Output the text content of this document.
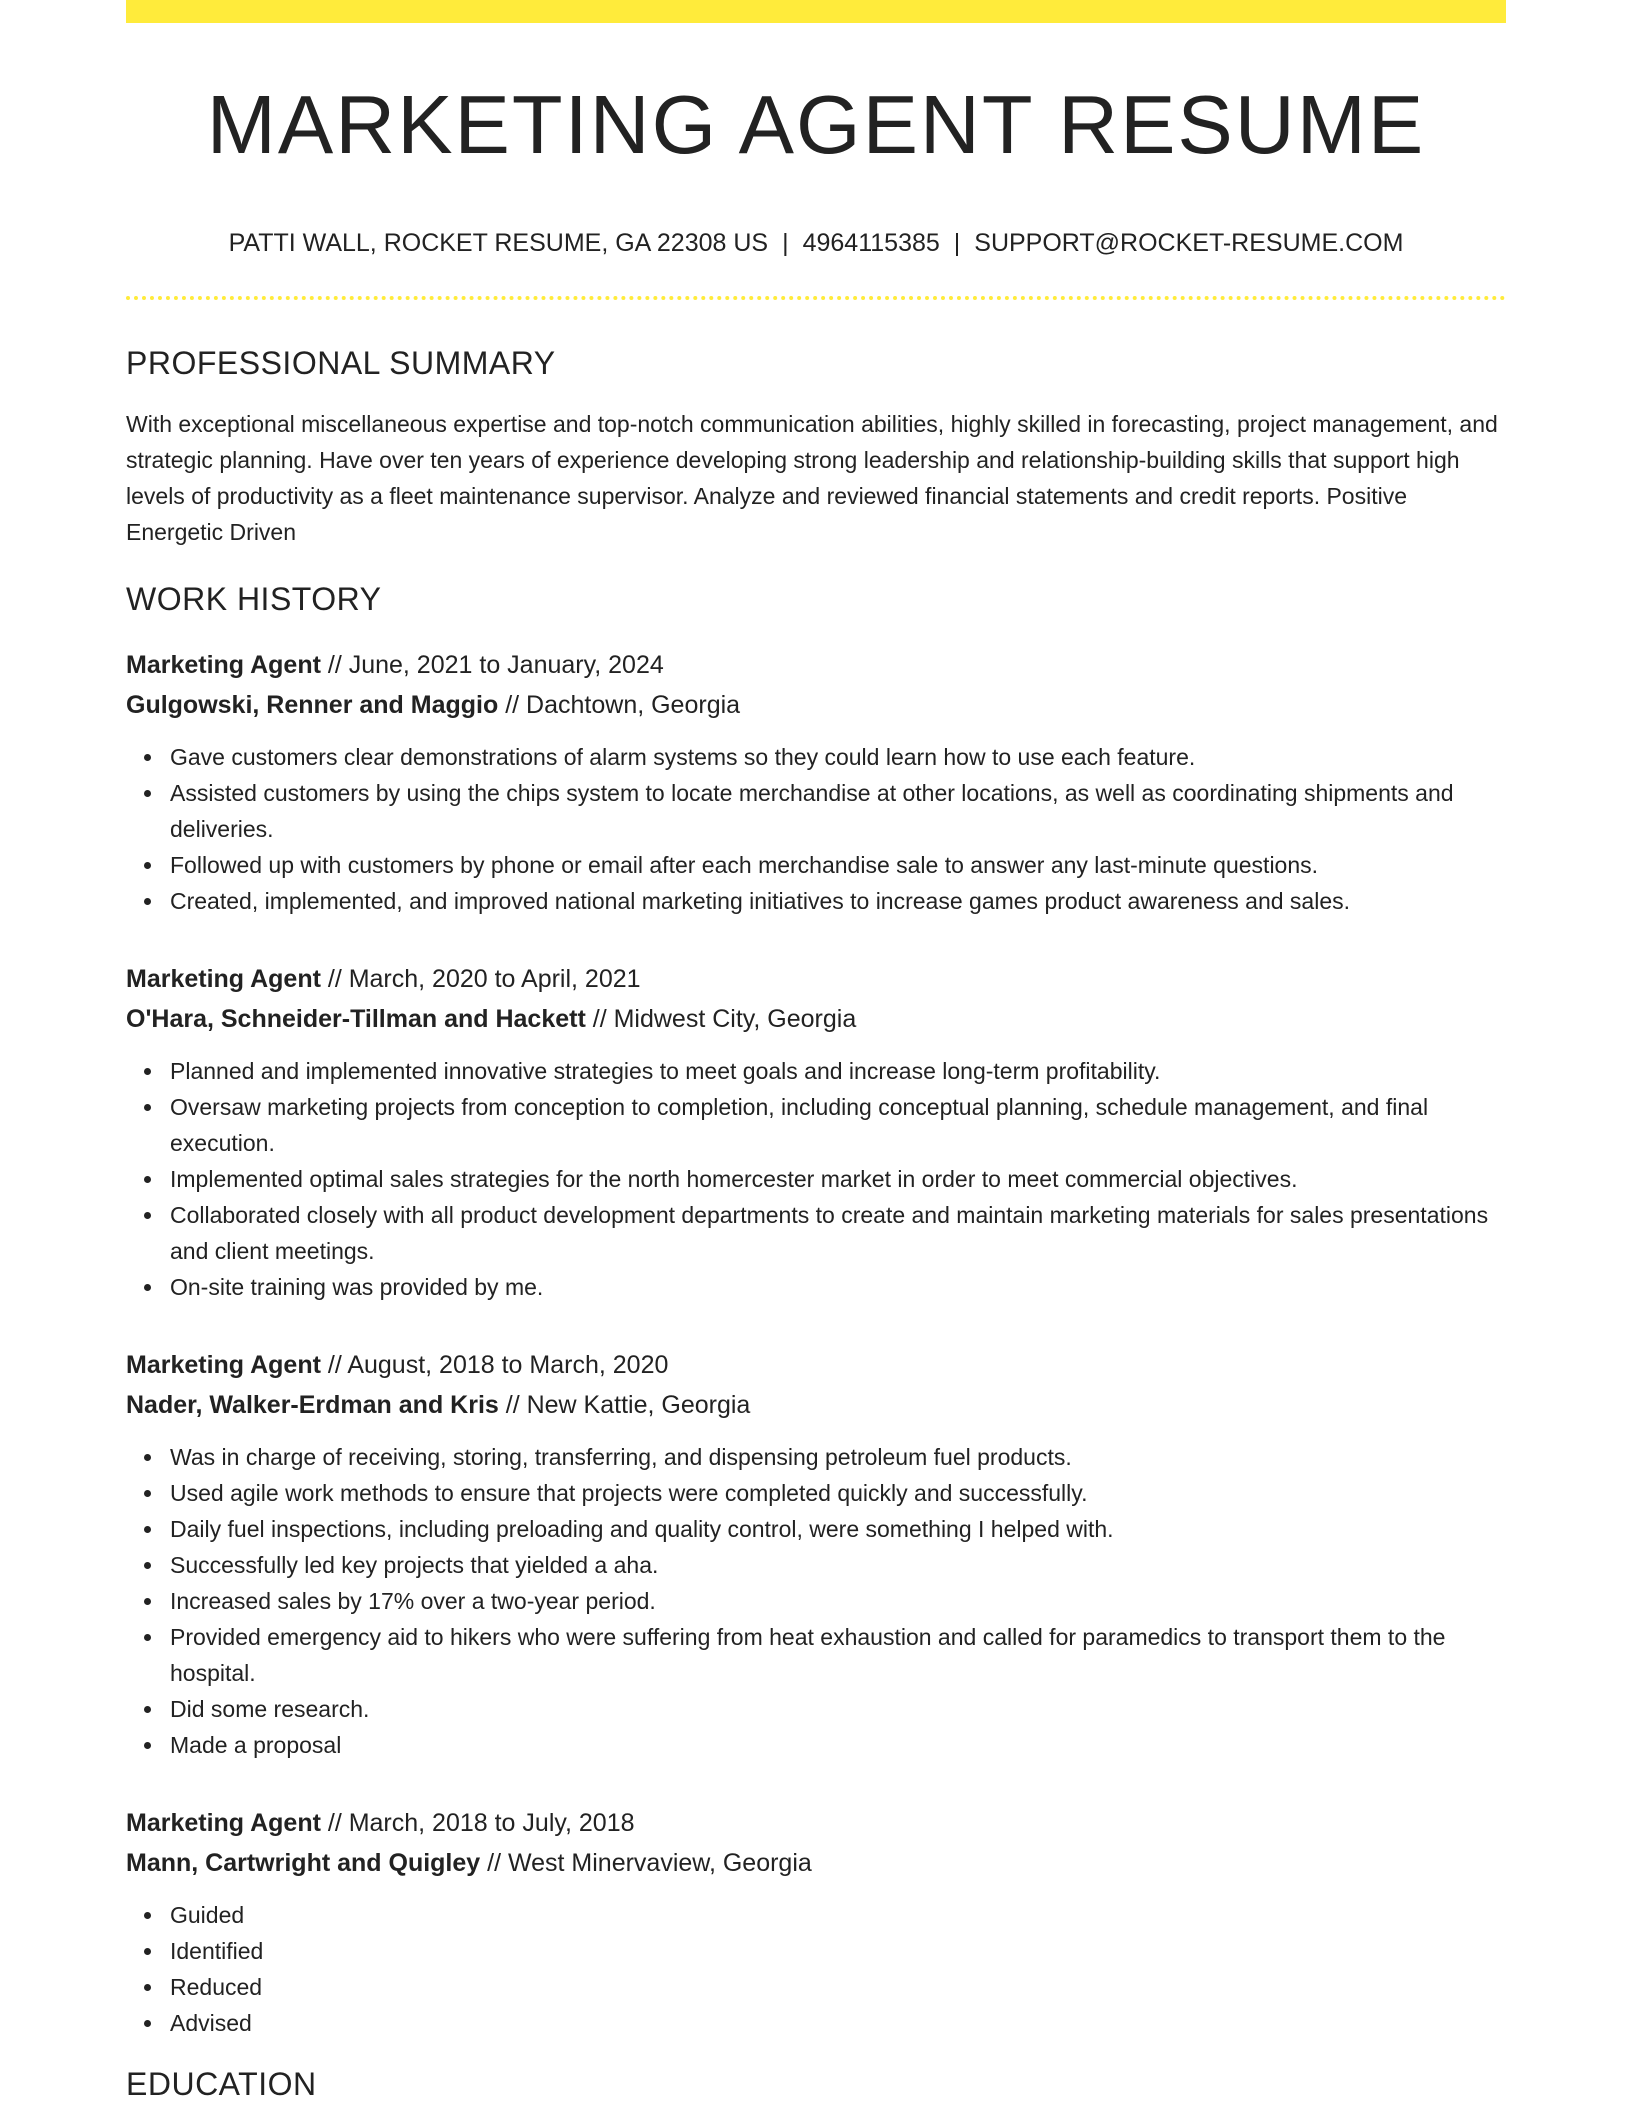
MARKETING AGENT RESUME
PATTI WALL, ROCKET RESUME, GA 22308 US | 4964115385 | SUPPORT@ROCKET-RESUME.COM
PROFESSIONAL SUMMARY

With exceptional miscellaneous expertise and top-notch communication abilities, highly skilled in forecasting, project management, and strategic planning. Have over ten years of experience developing strong leadership and relationship-building skills that support high levels of productivity as a fleet maintenance supervisor. Analyze and reviewed financial statements and credit reports. Positive Energetic Driven

WORK HISTORY
Marketing Agent // June, 2021 to January, 2024
Gulgowski, Renner and Maggio // Dachtown, Georgia
Gave customers clear demonstrations of alarm systems so they could learn how to use each feature.
Assisted customers by using the chips system to locate merchandise at other locations, as well as coordinating shipments and deliveries.
Followed up with customers by phone or email after each merchandise sale to answer any last-minute questions.
Created, implemented, and improved national marketing initiatives to increase games product awareness and sales.
Marketing Agent // March, 2020 to April, 2021
O'Hara, Schneider-Tillman and Hackett // Midwest City, Georgia
Planned and implemented innovative strategies to meet goals and increase long-term profitability.
Oversaw marketing projects from conception to completion, including conceptual planning, schedule management, and final execution.
Implemented optimal sales strategies for the north homercester market in order to meet commercial objectives.
Collaborated closely with all product development departments to create and maintain marketing materials for sales presentations and client meetings.
On-site training was provided by me.
Marketing Agent // August, 2018 to March, 2020
Nader, Walker-Erdman and Kris // New Kattie, Georgia
Was in charge of receiving, storing, transferring, and dispensing petroleum fuel products.
Used agile work methods to ensure that projects were completed quickly and successfully.
Daily fuel inspections, including preloading and quality control, were something I helped with.
Successfully led key projects that yielded a aha.
Increased sales by 17% over a two-year period.
Provided emergency aid to hikers who were suffering from heat exhaustion and called for paramedics to transport them to the hospital.
Did some research.
Made a proposal
Marketing Agent // March, 2018 to July, 2018
Mann, Cartwright and Quigley // West Minervaview, Georgia
Guided
Identified
Reduced
Advised
EDUCATION
